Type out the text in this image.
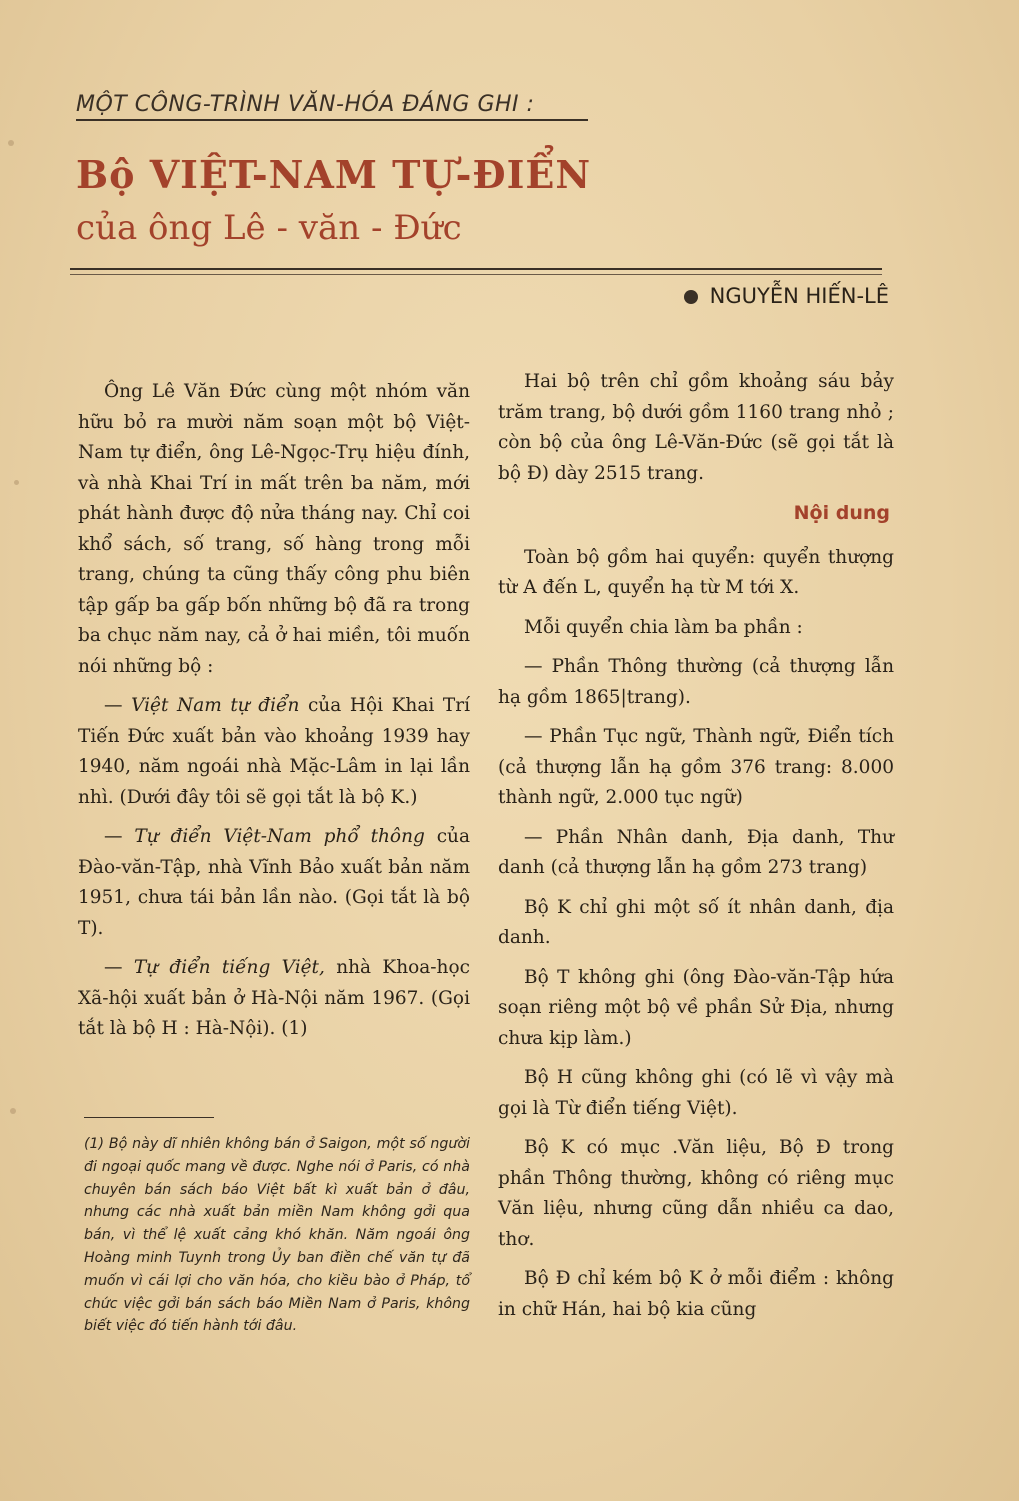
MỘT CÔNG-TRÌNH VĂN-HÓA ĐÁNG GHI :
Bộ VIỆT-NAM TỰ-ĐIỂN
của ông Lê - văn - Đức
NGUYỄN HIẾN-LÊ

Ông Lê Văn Đức cùng một nhóm văn hữu bỏ ra mười năm soạn một bộ Việt-Nam tự điển, ông Lê-Ngọc-Trụ hiệu đính, và nhà Khai Trí in mất trên ba năm, mới phát hành được độ nửa tháng nay. Chỉ coi khổ sách, số trang, số hàng trong mỗi trang, chúng ta cũng thấy công phu biên tập gấp ba gấp bốn những bộ đã ra trong ba chục năm nay, cả ở hai miền, tôi muốn nói những bộ :

— Việt Nam tự điển của Hội Khai Trí Tiến Đức xuất bản vào khoảng 1939 hay 1940, năm ngoái nhà Mặc-Lâm in lại lần nhì. (Dưới đây tôi sẽ gọi tắt là bộ K.)

— Tự điển Việt-Nam phổ thông của Đào-văn-Tập, nhà Vĩnh Bảo xuất bản năm 1951, chưa tái bản lần nào. (Gọi tắt là bộ T).

— Tự điển tiếng Việt, nhà Khoa-học Xã-hội xuất bản ở Hà-Nội năm 1967. (Gọi tắt là bộ H : Hà-Nội). (1)

(1) Bộ này dĩ nhiên không bán ở Saigon, một số người đi ngoại quốc mang về được. Nghe nói ở Paris, có nhà chuyên bán sách báo Việt bất kì xuất bản ở đâu, nhưng các nhà xuất bản miền Nam không gởi qua bán, vì thể lệ xuất cảng khó khăn. Năm ngoái ông Hoàng minh Tuynh trong Ủy ban điền chế văn tự đã muốn vì cái lợi cho văn hóa, cho kiều bào ở Pháp, tổ chức việc gởi bán sách báo Miền Nam ở Paris, không biết việc đó tiến hành tới đâu.

Hai bộ trên chỉ gồm khoảng sáu bảy trăm trang, bộ dưới gồm 1160 trang nhỏ ; còn bộ của ông Lê-Văn-Đức (sẽ gọi tắt là bộ Đ) dày 2515 trang.

Nội dung

Toàn bộ gồm hai quyển: quyển thượng từ A đến L, quyển hạ từ M tới X.

Mỗi quyển chia làm ba phần :

— Phần Thông thường (cả thượng lẫn hạ gồm 1865|trang).

— Phần Tục ngữ, Thành ngữ, Điển tích (cả thượng lẫn hạ gồm 376 trang: 8.000 thành ngữ, 2.000 tục ngữ)

— Phần Nhân danh, Địa danh, Thư danh (cả thượng lẫn hạ gồm 273 trang)

Bộ K chỉ ghi một số ít nhân danh, địa danh.

Bộ T không ghi (ông Đào-văn-Tập hứa soạn riêng một bộ về phần Sử Địa, nhưng chưa kịp làm.)

Bộ H cũng không ghi (có lẽ vì vậy mà gọi là Từ điển tiếng Việt).

Bộ K có mục .Văn liệu, Bộ Đ trong phần Thông thường, không có riêng mục Văn liệu, nhưng cũng dẫn nhiều ca dao, thơ.

Bộ Đ chỉ kém bộ K ở mỗi điểm : không in chữ Hán, hai bộ kia cũng
